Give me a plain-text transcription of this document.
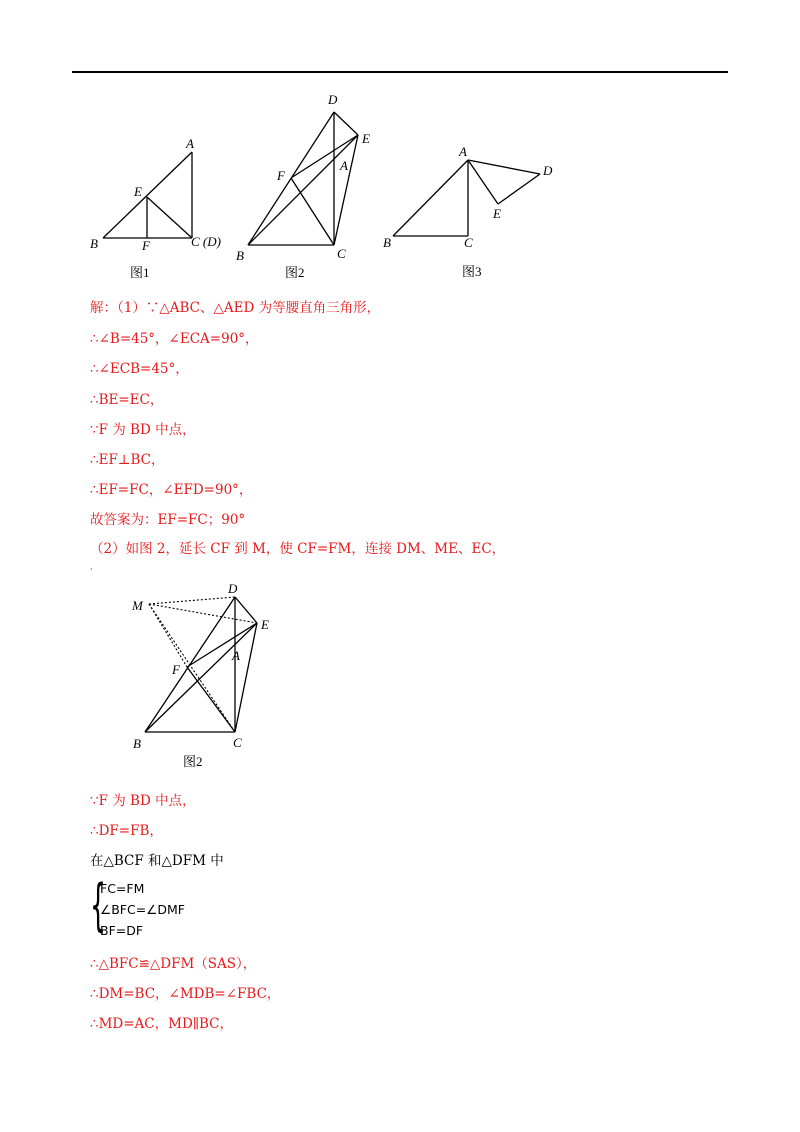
A
E
B	F	C (D)
图1
D
E
A
F
B	C
图2
A
D
E
B	C
图3
解：（1）∵△ABC、△AED 为等腰直角三角形，
∴∠B=45°，∠ECA=90°，
∴∠ECB=45°，
∴BE=EC，
∵F 为 BD 中点，
∴EF⊥BC，
∴EF=FC，∠EFD=90°，
故答案为：EF=FC；90°
（2）如图 2，延长 CF 到 M，使 CF=FM，连接 DM、ME、EC，
·
M
D
E
A
F
B	C
图2
∵F 为 BD 中点，
∴DF=FB，
在△BCF 和△DFM 中
{
FC=FM
∠BFC=∠DMF
BF=DF
∴△BFC≌△DFM（SAS），
∴DM=BC，∠MDB=∠FBC，
∴MD=AC，MD∥BC，
